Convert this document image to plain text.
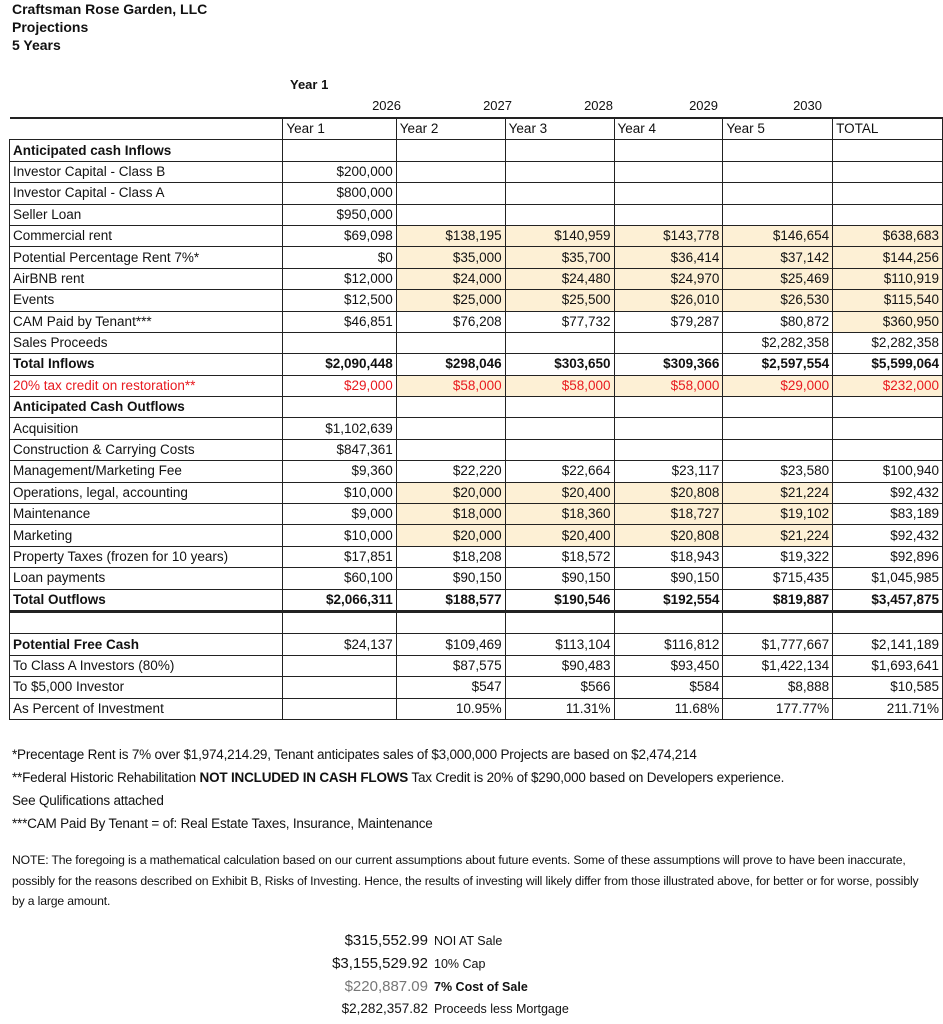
Craftsman Rose Garden, LLC
Projections
5 Years
Year 1
2026	2027	2028	2029	2030
	Year 1	Year 2	Year 3	Year 4	Year 5	TOTAL
Anticipated cash Inflows						
Investor Capital - Class B	$200,000					
Investor Capital - Class A	$800,000					
Seller Loan	$950,000					
Commercial rent	$69,098	$138,195	$140,959	$143,778	$146,654	$638,683
Potential Percentage Rent 7%*	$0	$35,000	$35,700	$36,414	$37,142	$144,256
AirBNB rent	$12,000	$24,000	$24,480	$24,970	$25,469	$110,919
Events	$12,500	$25,000	$25,500	$26,010	$26,530	$115,540
CAM Paid by Tenant***	$46,851	$76,208	$77,732	$79,287	$80,872	$360,950
Sales Proceeds					$2,282,358	$2,282,358
Total Inflows	$2,090,448	$298,046	$303,650	$309,366	$2,597,554	$5,599,064
20% tax credit on restoration**	$29,000	$58,000	$58,000	$58,000	$29,000	$232,000
Anticipated Cash Outflows						
Acquisition	$1,102,639					
Construction & Carrying Costs	$847,361					
Management/Marketing Fee	$9,360	$22,220	$22,664	$23,117	$23,580	$100,940
Operations, legal, accounting	$10,000	$20,000	$20,400	$20,808	$21,224	$92,432
Maintenance	$9,000	$18,000	$18,360	$18,727	$19,102	$83,189
Marketing	$10,000	$20,000	$20,400	$20,808	$21,224	$92,432
Property Taxes (frozen for 10 years)	$17,851	$18,208	$18,572	$18,943	$19,322	$92,896
Loan payments	$60,100	$90,150	$90,150	$90,150	$715,435	$1,045,985
Total Outflows	$2,066,311	$188,577	$190,546	$192,554	$819,887	$3,457,875

Potential Free Cash	$24,137	$109,469	$113,104	$116,812	$1,777,667	$2,141,189
To Class A Investors (80%)		$87,575	$90,483	$93,450	$1,422,134	$1,693,641
To $5,000 Investor		$547	$566	$584	$8,888	$10,585
As Percent of Investment		10.95%	11.31%	11.68%	177.77%	211.71%
*Precentage Rent is 7% over $1,974,214.29, Tenant anticipates sales of $3,000,000 Projects are based on $2,474,214
**Federal Historic Rehabilitation NOT INCLUDED IN CASH FLOWS Tax Credit is 20% of $290,000 based on Developers experience.
See Qulifications attached
***CAM Paid By Tenant = of: Real Estate Taxes, Insurance, Maintenance
NOTE: The foregoing is a mathematical calculation based on our current assumptions about future events. Some of these assumptions will prove to have been inaccurate, possibly for the reasons described on Exhibit B, Risks of Investing. Hence, the results of investing will likely differ from those illustrated above, for better or for worse, possibly by a large amount.
$315,552.99 NOI AT Sale
$3,155,529.92 10% Cap
$220,887.09 7% Cost of Sale
$2,282,357.82 Proceeds less Mortgage
